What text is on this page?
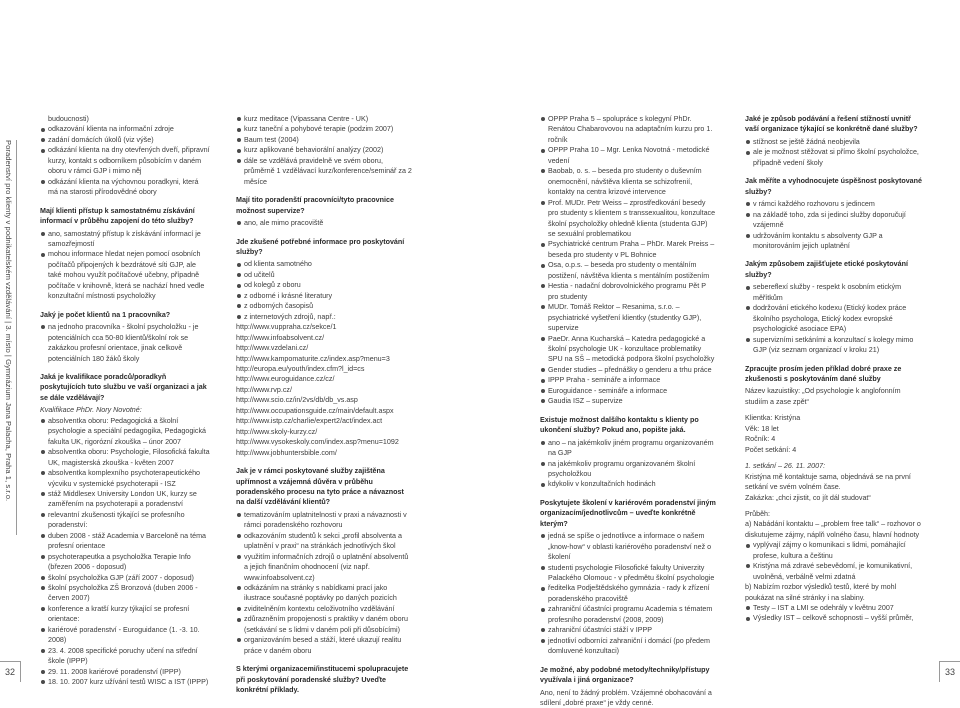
Poradenství pro klienty v podnikatelském vzdělávání | 3. místo | Gymnázium Jana Palacha, Praha 1, s.r.o.
32	33

budoucnosti)

odkazování klienta na informační zdroje
zadání domácích úkolů (viz výše)
odkázání klienta na dny otevřených dveří, připravní kurzy, kontakt s odborníkem působícím v daném oboru v rámci GJP i mimo něj
odkázání klienta na výchovnou poradkyni, která má na starosti přírodovědné obory

Mají klienti přístup k samostatnému získávání informací v průběhu zapojení do této služby?

ano, samostatný přístup k získávání informací je samozřejmostí
mohou informace hledat nejen pomocí osobních počítačů připojených k bezdrátové síti GJP, ale také mohou využít počítačové učebny, případně počítače v knihovně, která se nachází hned vedle konzultační místnosti psycholožky

Jaký je počet klientů na 1 pracovníka?

na jednoho pracovníka - školní psycholožku - je potenciálních cca 50-80 klientů/školní rok se zakázkou profesní orientace, jinak celkově potenciálních 180 žáků školy

Jaká je kvalifikace poradců/poradkyň poskytujících tuto službu ve vaší organizaci a jak se dále vzdělávají?

Kvalifikace PhDr. Nory Novotné:

absolventka oboru: Pedagogická a školní psychologie a speciální pedagogika, Pedagogická fakulta UK, rigorózní zkouška – únor 2007
absolventka oboru: Psychologie, Filosofická fakulta UK, magisterská zkouška - květen 2007
absolventka komplexního psychoterapeutického výcviku v systemické psychoterapii - ISZ
stáž Middlesex University London UK, kurzy se zaměřením na psychoterapii a poradenství
relevantní zkušenosti týkající se profesního poradenství:
duben 2008 - stáž Academia v Barceloně na téma profesní orientace
psychoterapeutka a psycholožka Terapie Info (březen 2006 - doposud)
školní psycholožka GJP (září 2007 - doposud)
školní psycholožka ZŠ Bronzová (duben 2006 - červen 2007)
konference a kratší kurzy týkající se profesní orientace:
kariérové poradenství - Euroguidance (1. -3. 10. 2008)
23. 4. 2008 specifické poruchy učení na střední škole (IPPP)
29. 11. 2008 kariérové poradenství (IPPP)
18. 10. 2007 kurz užívání testů WISC a IST (IPPP)
kurz meditace (Vipassana Centre - UK)
kurz taneční a pohybové terapie (podzim 2007)
Baum test (2004)
kurz aplikované behaviorální analýzy (2002)
dále se vzdělává pravidelně ve svém oboru, průměrně 1 vzdělávací kurz/konference/seminář za 2 měsíce

Mají tito poradenští pracovníci/tyto pracovnice možnost supervize?

ano, ale mimo pracoviště

Jde zkušené potřebné informace pro poskytování služby?

od klienta samotného
od učitelů
od kolegů z oboru
z odborné i krásné literatury
z odborných časopisů
z internetových zdrojů, např.:

http://www.vuppraha.cz/sekce/1

http://www.infoabsolvent.cz/

http://www.vzdelani.cz/

http://www.kampomaturite.cz/index.asp?menu=3

http://europa.eu/youth/index.cfm?l_id=cs

http://www.euroguidance.cz/cz/

http://www.rvp.cz/

http://www.scio.cz/in/2vs/db/db_vs.asp

http://www.occupationsguide.cz/main/default.aspx

http://www.istp.cz/charlie/expert2/act/index.act

http://www.skoly-kurzy.cz/

http://www.vysokeskoly.com/index.asp?menu=1092

http://www.jobhuntersbible.com/

Jak je v rámci poskytované služby zajištěna upřímnost a vzájemná důvěra v průběhu poradenského procesu na tyto práce a návaznost na další vzdělávání klientů?

tematizováním uplatnitelnosti v praxi a návaznosti v rámci poradenského rozhovoru
odkazováním studentů k sekci „profil absolventa a uplatnění v praxi“ na stránkách jednotlivých škol
využitím informačních zdrojů o uplatnění absolventů a jejich finančním ohodnocení (viz např. www.infoabsolvent.cz)
odkázáním na stránky s nabídkami prací jako ilustrace současné poptávky po daných pozicích
zviditelněním kontextu celoživotního vzdělávání
zdůrazněním propojenosti s praktiky v daném oboru (setkávání se s lidmi v daném poli při důsobícími)
organizováním besed a stáží, které ukazují realitu práce v daném oboru

S kterými organizacemi/institucemi spolupracujete při poskytování poradenské služby? Uveďte konkrétní příklady.

OPPP Praha 5 – spolupráce s kolegyní PhDr. Renátou Chabarovovou na adaptačním kurzu pro 1. ročník
OPPP Praha 10 – Mgr. Lenka Novotná - metodické vedení
Baobab, o. s. – beseda pro studenty o duševním onemocnění, návštěva klienta se schizofrenií, kontakty na centra krizové intervence
Prof. MUDr. Petr Weiss – zprostředkování besedy pro studenty s klientem s transsexualitou, konzultace školní psycholožky ohledně klienta (studenta GJP) se sexuální problematikou
Psychiatrické centrum Praha – PhDr. Marek Preiss – beseda pro studenty v PL Bohnice
Osa, o.p.s. – beseda pro studenty o mentálním postižení, návštěva klienta s mentálním postižením
Hestia - nadační dobrovolnického programu Pět P pro studenty
MUDr. Tomáš Rektor – Resanima, s.r.o. – psychiatrické vyšetření klientky (studentky GJP), supervize
PaeDr. Anna Kucharská – Katedra pedagogické a školní psychologie UK - konzultace problematiky SPU na SŠ – metodická podpora školní psycholožky
Gender studies – přednášky o genderu a trhu práce
IPPP Praha - semináře a informace
Euroguidance - semináře a informace
Gaudia ISZ – supervize

Existuje možnost dalšího kontaktu s klienty po ukončení služby? Pokud ano, popište jaká.

ano – na jakémkoliv jiném programu organizovaném na GJP
na jakémkoliv programu organizovaném školní psycholožkou
kdykoliv v konzultačních hodinách

Poskytujete školení v kariérovém poradenství jiným organizacím/jednotlivcům – uveďte konkrétně kterým?

jedná se spíše o jednotlivce a informace o našem „know-how“ v oblasti kariérového poradenství než o školení
studenti psychologie Filosofické fakulty Univerzity Palackého Olomouc - v předmětu školní psychologie
ředitelka Podještědského gymnázia - rady k zřízení poradenského pracoviště
zahraniční účastníci programu Academia s tématem profesního poradenství (2008, 2009)
zahraniční účastníci stáží v IPPP
jednotliví odborníci zahraniční i domácí (po předem domluvené konzultaci)

Je možné, aby podobné metody/techniky/přístupy využívala i jiná organizace?

Ano, není to žádný problém. Vzájemné obohacování a sdílení „dobré praxe“ je vždy cenné.

Jaké je způsob podávání a řešení stížností uvnitř vaší organizace týkající se konkrétně dané služby?

stížnost se ještě žádná neobjevila
ale je možnost stěžovat si přímo školní psycholožce, případně vedení školy

Jak měříte a vyhodnocujete úspěšnost poskytované služby?

v rámci každého rozhovoru s jedincem
na základě toho, zda si jedinci služby doporučují vzájemně
udržováním kontaktu s absolventy GJP a monitorováním jejich uplatnění

Jakým způsobem zajišťujete etické poskytování služby?

sebereflexí služby - respekt k osobním etickým měřítkům
dodržování etického kodexu (Etický kodex práce školního psychologa, Etický kodex evropské psychologické asociace EPA)
supervizními setkáními a konzultací s kolegy mimo GJP (viz seznam organizací v kroku 21)

Zpracujte prosím jeden příklad dobré praxe ze zkušenosti s poskytováním dané služby

Název kazuistiky: „Od psychologie k anglofonním studiím a zase zpět“

Klientka: Kristýna

Věk: 18 let

Ročník: 4

Počet setkání: 4

1. setkání – 26. 11. 2007:

Kristýna mě kontaktuje sama, objednává se na první setkání ve svém volném čase.

Zakázka: „chci zjistit, co jít dál studovat“

Průběh:

a) Nabádání kontaktu – „problem free talk“ – rozhovor o diskutujeme zájmy, náplň volného času, hlavní hodnoty

vyplývají zájmy o komunikaci s lidmi, pomáhající profese, kultura a češtinu
Kristýna má zdravé sebevědomí, je komunikativní, uvolněná, verbálně velmi zdatná

b) Nabízím rozbor výsledků testů, které by mohl poukázat na silné stránky i na slabiny.

Testy – IST a LMI se odehrály v květnu 2007
Výsledky IST – celkově schopnosti – vyšší průměr,
